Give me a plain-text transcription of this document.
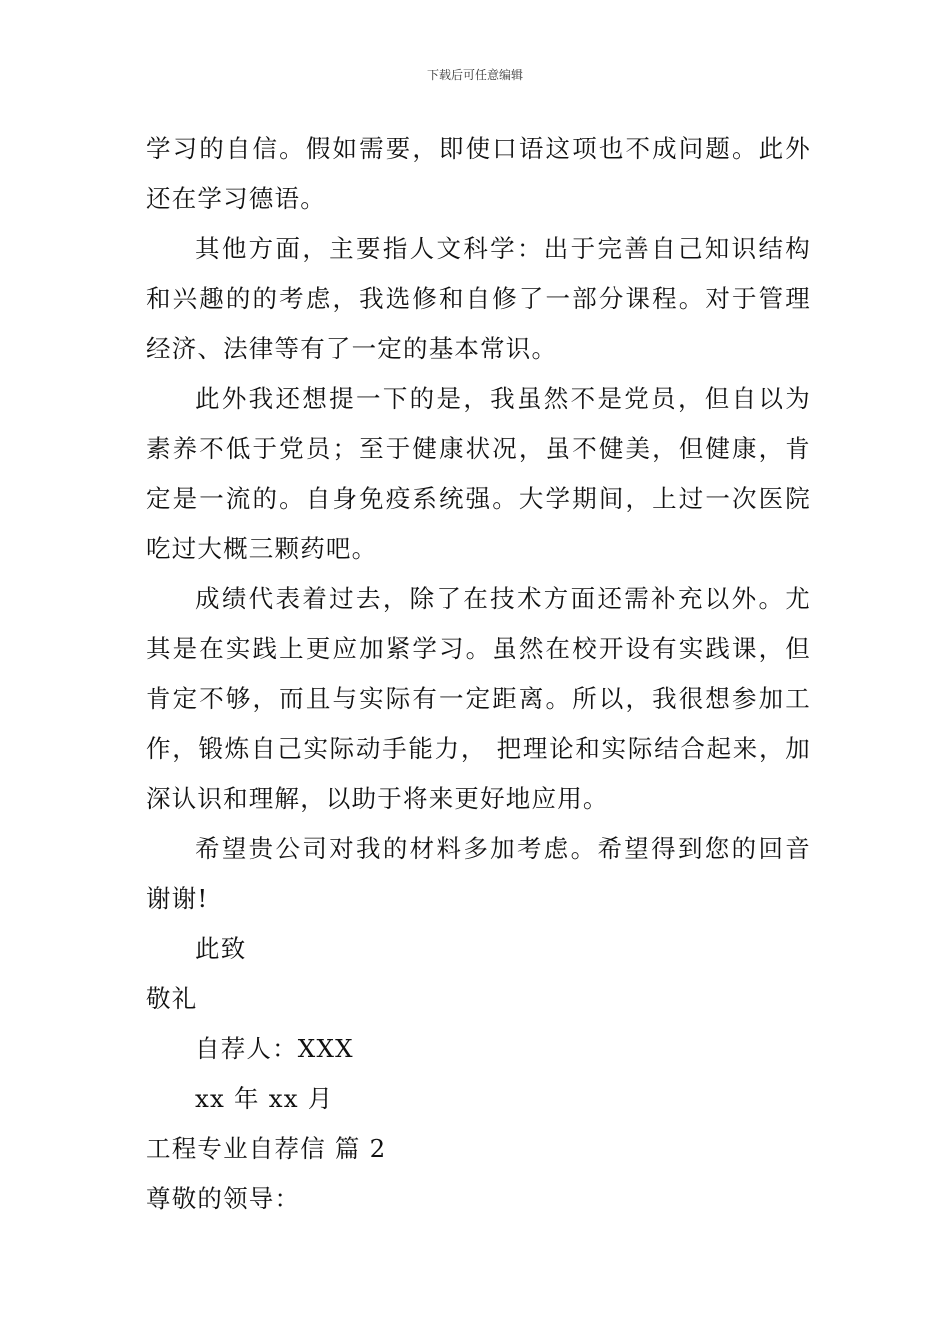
下载后可任意编辑

学习的自信。假如需要，即使口语这项也不成问题。此外还在学习德语。

其他方面，主要指人文科学：出于完善自己知识结构和兴趣的的考虑，我选修和自修了一部分课程。对于管理经济、法律等有了一定的基本常识。

此外我还想提一下的是，我虽然不是党员，但自以为素养不低于党员；至于健康状况，虽不健美，但健康，肯定是一流的。自身免疫系统强。大学期间，上过一次医院吃过大概三颗药吧。

成绩代表着过去，除了在技术方面还需补充以外。尤其是在实践上更应加紧学习。虽然在校开设有实践课，但肯定不够，而且与实际有一定距离。所以，我很想参加工作，锻炼自己实际动手能力， 把理论和实际结合起来，加深认识和理解，以助于将来更好地应用。

希望贵公司对我的材料多加考虑。希望得到您的回音谢谢!

此致

敬礼

自荐人：XXX

xx 年 xx 月

工程专业自荐信 篇 2

尊敬的领导：
